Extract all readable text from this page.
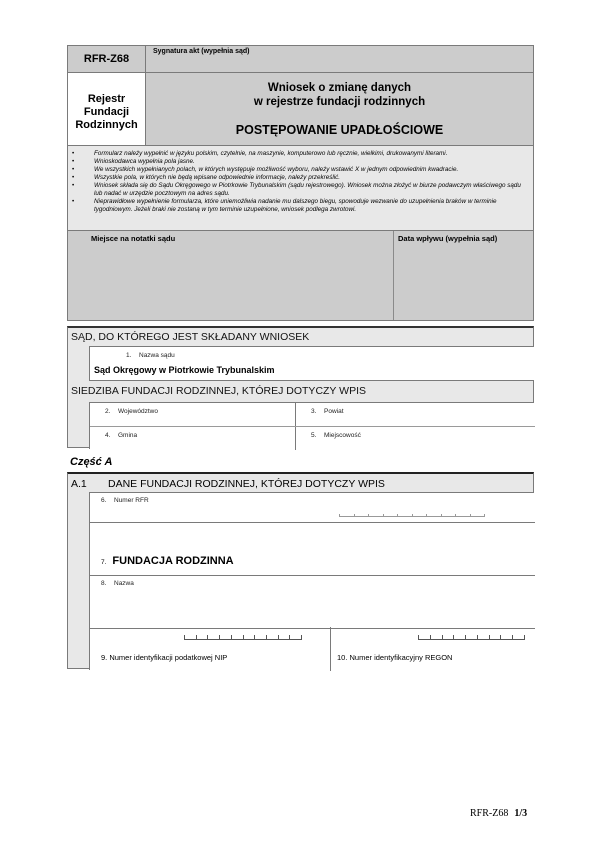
RFR-Z68
Sygnatura akt (wypełnia sąd)
Rejestr
Fundacji
Rodzinnych
Wniosek o zmianę danych
w rejestrze fundacji rodzinnych
POSTĘPOWANIE UPADŁOŚCIOWE
• Formularz należy wypełnić w języku polskim, czytelnie, na maszynie, komputerowo lub ręcznie, wielkimi, drukowanymi literami.
• Wnioskodawca wypełnia pola jasne.
• We wszystkich wypełnianych polach, w których występuje możliwość wyboru, należy wstawić X w jednym odpowiednim kwadracie.
• Wszystkie pola, w których nie będą wpisane odpowiednie informacje, należy przekreślić.
• Wniosek składa się do Sądu Okręgowego w Piotrkowie Trybunalskim (sądu rejestrowego). Wniosek można złożyć w biurze podawczym właściwego sądu lub nadać w urzędzie pocztowym na adres sądu.
• Nieprawidłowe wypełnienie formularza, które uniemożliwia nadanie mu dalszego biegu, spowoduje wezwanie do uzupełnienia braków w terminie tygodniowym. Jeżeli braki nie zostaną w tym terminie uzupełnione, wniosek podlega zwrotowi.
Miejsce na notatki sądu	Data wpływu (wypełnia sąd)
SĄD, DO KTÓREGO JEST SKŁADANY WNIOSEK
1. Nazwa sądu
Sąd Okręgowy w Piotrkowie Trybunalskim
SIEDZIBA FUNDACJI RODZINNEJ, KTÓREJ DOTYCZY WPIS
2. Województwo	3. Powiat
4. Gmina	5. Miejscowość
Część A
A.1 DANE FUNDACJI RODZINNEJ, KTÓREJ DOTYCZY WPIS
6. Numer RFR
7. FUNDACJA RODZINNA
8. Nazwa
9. Numer identyfikacji podatkowej NIP	10. Numer identyfikacyjny REGON
RFR-Z68 1/3
